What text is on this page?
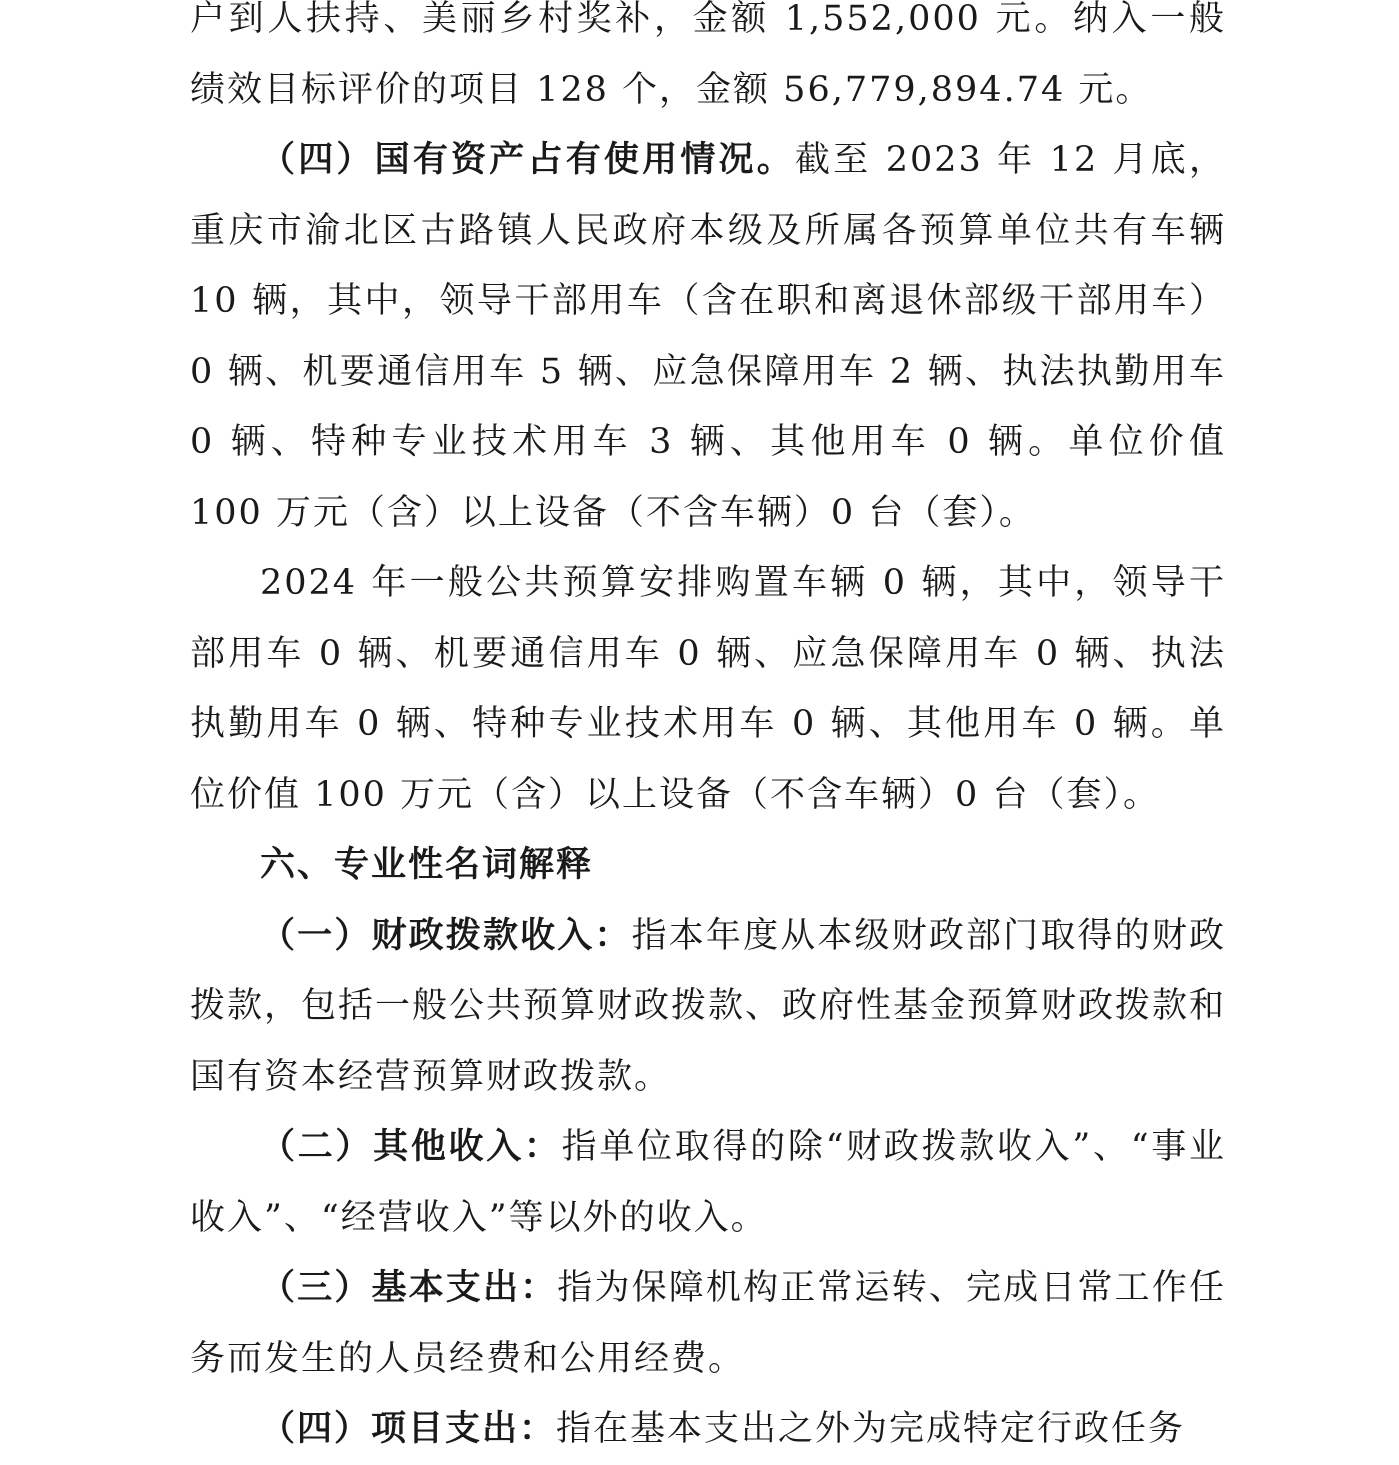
户到人扶持、美丽乡村奖补，金额 1,552,000 元。纳入一般绩效目标评价的项目 128 个，金额 56,779,894.74 元。

（四）国有资产占有使用情况。截至 2023 年 12 月底，重庆市渝北区古路镇人民政府本级及所属各预算单位共有车辆 10 辆，其中，领导干部用车（含在职和离退休部级干部用车）0 辆、机要通信用车 5 辆、应急保障用车 2 辆、执法执勤用车 0 辆、特种专业技术用车 3 辆、其他用车 0 辆。单位价值 100 万元（含）以上设备（不含车辆）0 台（套）。

2024 年一般公共预算安排购置车辆 0 辆，其中，领导干部用车 0 辆、机要通信用车 0 辆、应急保障用车 0 辆、执法执勤用车 0 辆、特种专业技术用车 0 辆、其他用车 0 辆。单位价值 100 万元（含）以上设备（不含车辆）0 台（套）。

六、专业性名词解释

（一）财政拨款收入：指本年度从本级财政部门取得的财政拨款，包括一般公共预算财政拨款、政府性基金预算财政拨款和国有资本经营预算财政拨款。

（二）其他收入：指单位取得的除“财政拨款收入”、“事业收入”、“经营收入”等以外的收入。

（三）基本支出：指为保障机构正常运转、完成日常工作任务而发生的人员经费和公用经费。

（四）项目支出：指在基本支出之外为完成特定行政任务
